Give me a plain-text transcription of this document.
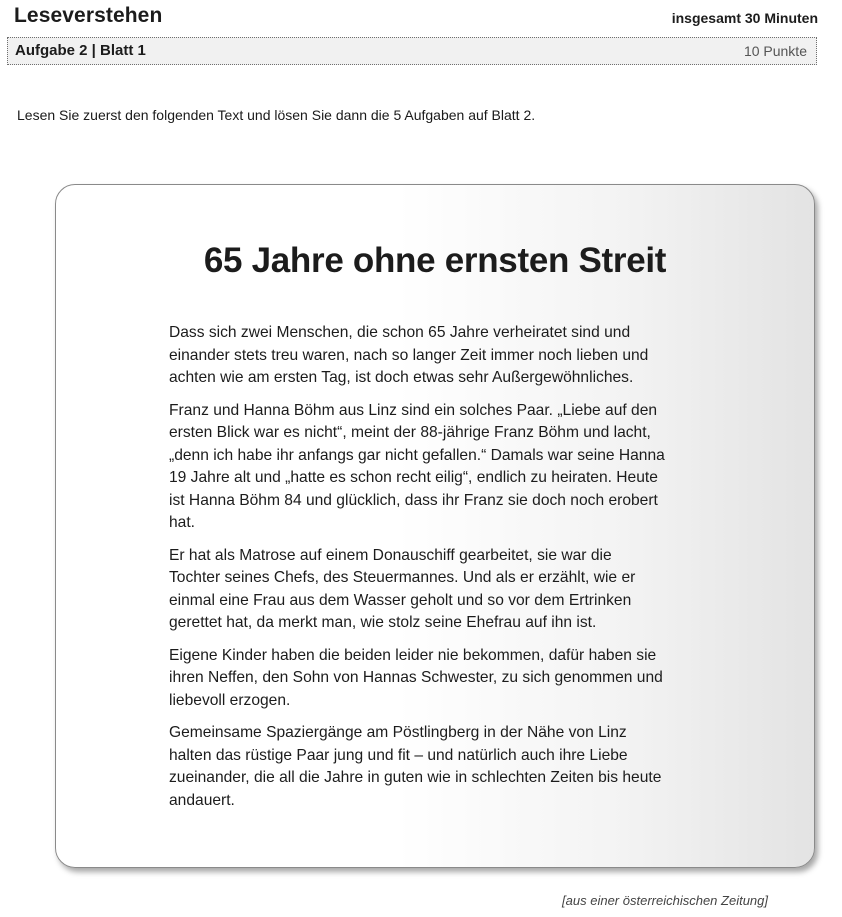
Leseverstehen	insgesamt 30 Minuten
Aufgabe 2 | Blatt 1	10 Punkte
Lesen Sie zuerst den folgenden Text und lösen Sie dann die 5 Aufgaben auf Blatt 2.
65 Jahre ohne ernsten Streit

Dass sich zwei Menschen, die schon 65 Jahre verheiratet sind und einander stets treu waren, nach so langer Zeit immer noch lieben und achten wie am ersten Tag, ist doch etwas sehr Außergewöhnliches.

Franz und Hanna Böhm aus Linz sind ein solches Paar. „Liebe auf den ersten Blick war es nicht“, meint der 88-jährige Franz Böhm und lacht, „denn ich habe ihr anfangs gar nicht gefallen.“ Damals war seine Hanna 19 Jahre alt und „hatte es schon recht eilig“, endlich zu heiraten. Heute ist Hanna Böhm 84 und glücklich, dass ihr Franz sie doch noch erobert hat.

Er hat als Matrose auf einem Donauschiff gearbeitet, sie war die Tochter seines Chefs, des Steuermannes. Und als er erzählt, wie er einmal eine Frau aus dem Wasser geholt und so vor dem Ertrinken gerettet hat, da merkt man, wie stolz seine Ehefrau auf ihn ist.

Eigene Kinder haben die beiden leider nie bekommen, dafür haben sie ihren Neffen, den Sohn von Hannas Schwester, zu sich genommen und liebevoll erzogen.

Gemeinsame Spaziergänge am Pöstlingberg in der Nähe von Linz halten das rüstige Paar jung und fit – und natürlich auch ihre Liebe zueinander, die all die Jahre in guten wie in schlechten Zeiten bis heute andauert.

[aus einer österreichischen Zeitung]
